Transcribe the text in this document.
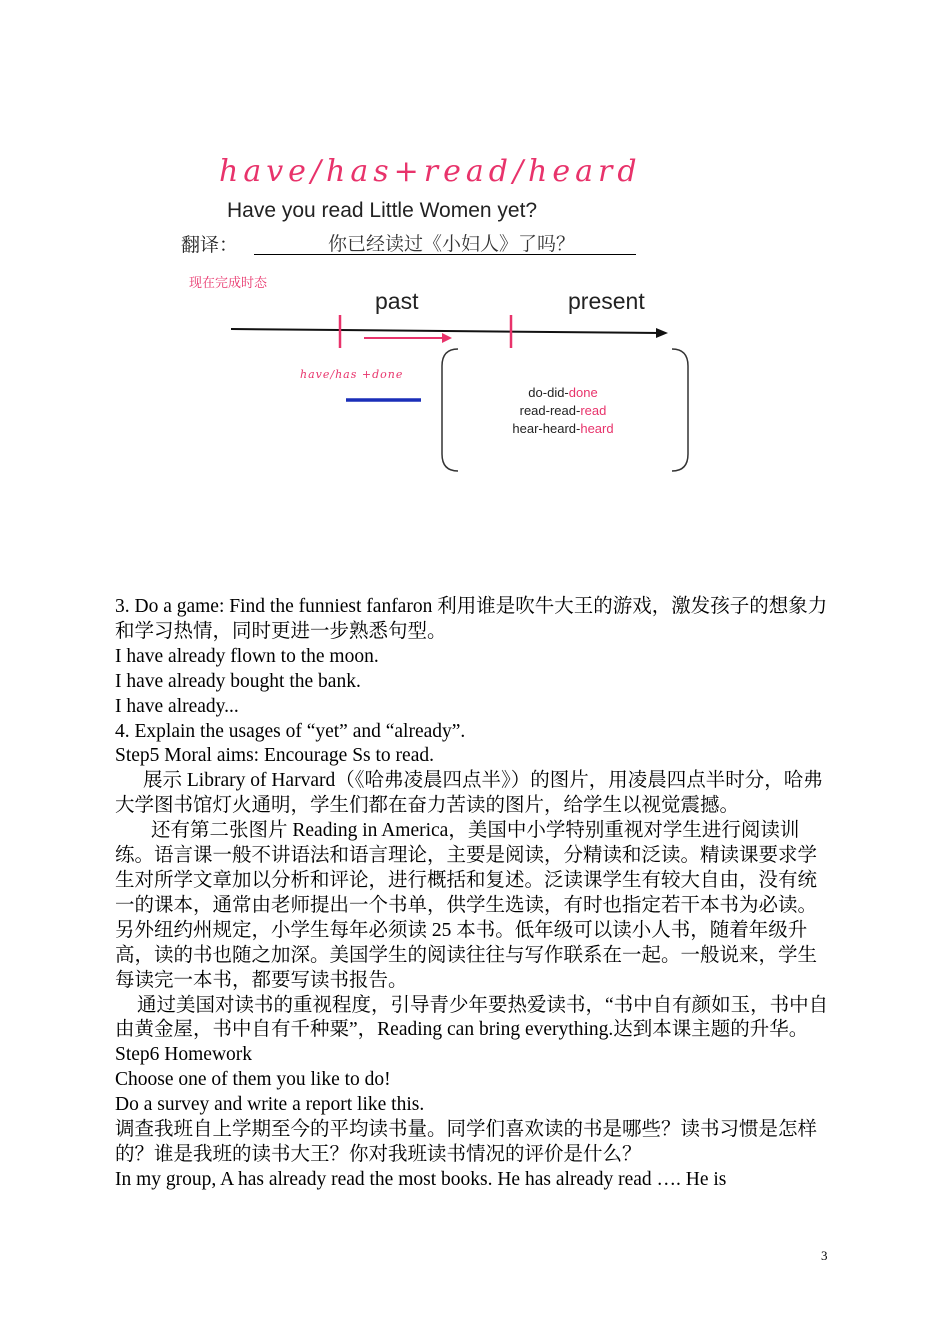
have/has+read/heard
Have you read Little Women yet?
翻译：	你已经读过《小妇人》了吗？
现在完成时态
past	present
have/has +done
do-did-done
read-read-read
hear-heard-heard

3. Do a game: Find the funniest fanfaron 利用谁是吹牛大王的游戏，激发孩子的想象力和学习热情，同时更进一步熟悉句型。

I have already flown to the moon.

I have already bought the bank.

I have already...

4. Explain the usages of “yet” and “already”.

Step5 Moral aims: Encourage Ss to read.

展示 Library of Harvard（《哈弗凌晨四点半》）的图片，用凌晨四点半时分，哈弗大学图书馆灯火通明，学生们都在奋力苦读的图片，给学生以视觉震撼。

还有第二张图片 Reading in America，美国中小学特别重视对学生进行阅读训练。语言课一般不讲语法和语言理论，主要是阅读，分精读和泛读。精读课要求学生对所学文章加以分析和评论，进行概括和复述。泛读课学生有较大自由，没有统一的课本，通常由老师提出一个书单，供学生选读，有时也指定若干本书为必读。另外纽约州规定，小学生每年必须读 25 本书。低年级可以读小人书，随着年级升高，读的书也随之加深。美国学生的阅读往往与写作联系在一起。一般说来，学生每读完一本书，都要写读书报告。

通过美国对读书的重视程度，引导青少年要热爱读书，“书中自有颜如玉，书中自由黄金屋，书中自有千种粟”，Reading can bring everything.达到本课主题的升华。

Step6 Homework

Choose one of them you like to do!

Do a survey and write a report like this.

调查我班自上学期至今的平均读书量。同学们喜欢读的书是哪些？读书习惯是怎样的？谁是我班的读书大王？你对我班读书情况的评价是什么？

In my group, A has already read the most books. He has already read …. He is

3
